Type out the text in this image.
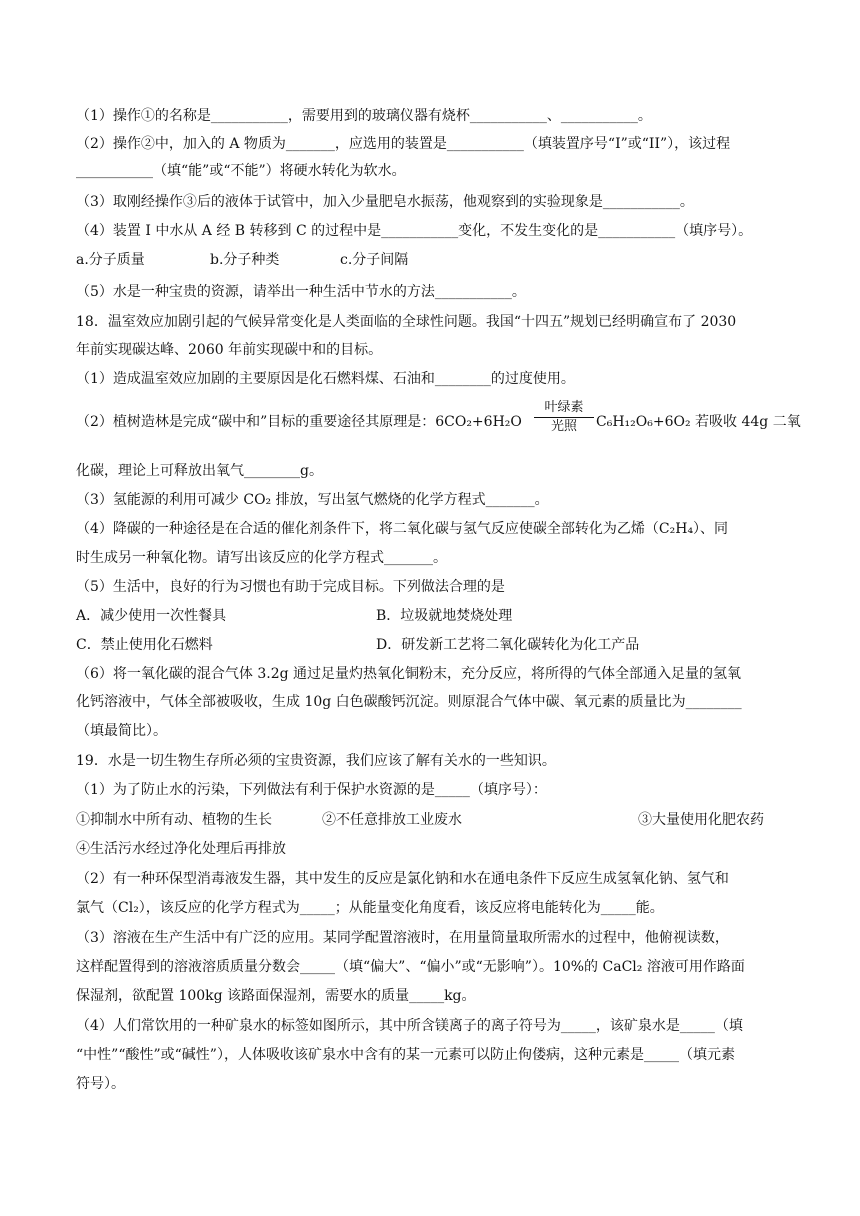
（1）操作①的名称是___________，需要用到的玻璃仪器有烧杯___________、___________。
（2）操作②中，加入的 A 物质为_______，应选用的装置是___________（填装置序号“I”或“II”），该过程
___________（填“能”或“不能”）将硬水转化为软水。
（3）取刚经操作③后的液体于试管中，加入少量肥皂水振荡，他观察到的实验现象是___________。
（4）装置 I 中水从 A 经 B 转移到 C 的过程中是___________变化，不发生变化的是___________（填序号）。
a.分子质量	b.分子种类	c.分子间隔
（5）水是一种宝贵的资源，请举出一种生活中节水的方法___________。
18．温室效应加剧引起的气候异常变化是人类面临的全球性问题。我国“十四五”规划已经明确宣布了 2030
年前实现碳达峰、2060 年前实现碳中和的目标。
（1）造成温室效应加剧的主要原因是化石燃料煤、石油和________的过度使用。
（2）植树造林是完成“碳中和”目标的重要途径其原理是：6CO₂+6H₂O
叶绿素
光照 C₆H₁₂O₆+6O₂ 若吸收 44g 二氧
化碳，理论上可释放出氧气________g。
（3）氢能源的利用可减少 CO₂ 排放，写出氢气燃烧的化学方程式_______。
（4）降碳的一种途径是在合适的催化剂条件下，将二氧化碳与氢气反应使碳全部转化为乙烯（C₂H₄）、同
时生成另一种氧化物。请写出该反应的化学方程式_______。
（5）生活中，良好的行为习惯也有助于完成目标。下列做法合理的是
A．减少使用一次性餐具	B．垃圾就地焚烧处理
C．禁止使用化石燃料	D．研发新工艺将二氧化碳转化为化工产品
（6）将一氧化碳的混合气体 3.2g 通过足量灼热氧化铜粉末，充分反应，将所得的气体全部通入足量的氢氧
化钙溶液中，气体全部被吸收，生成 10g 白色碳酸钙沉淀。则原混合气体中碳、氧元素的质量比为________
（填最简比）。
19．水是一切生物生存所必须的宝贵资源，我们应该了解有关水的一些知识。
（1）为了防止水的污染，下列做法有利于保护水资源的是_____（填序号）：
①抑制水中所有动、植物的生长	②不任意排放工业废水	③大量使用化肥农药
④生活污水经过净化处理后再排放
（2）有一种环保型消毒液发生器，其中发生的反应是氯化钠和水在通电条件下反应生成氢氧化钠、氢气和
氯气（Cl₂），该反应的化学方程式为_____；从能量变化角度看，该反应将电能转化为_____能。
（3）溶液在生产生活中有广泛的应用。某同学配置溶液时，在用量筒量取所需水的过程中，他俯视读数，
这样配置得到的溶液溶质质量分数会_____（填“偏大”、“偏小”或“无影响”）。10%的 CaCl₂ 溶液可用作路面
保湿剂，欲配置 100kg 该路面保湿剂，需要水的质量_____kg。
（4）人们常饮用的一种矿泉水的标签如图所示，其中所含镁离子的离子符号为_____，该矿泉水是_____（填
“中性”“酸性”或“碱性”），人体吸收该矿泉水中含有的某一元素可以防止佝偻病，这种元素是_____（填元素
符号）。
